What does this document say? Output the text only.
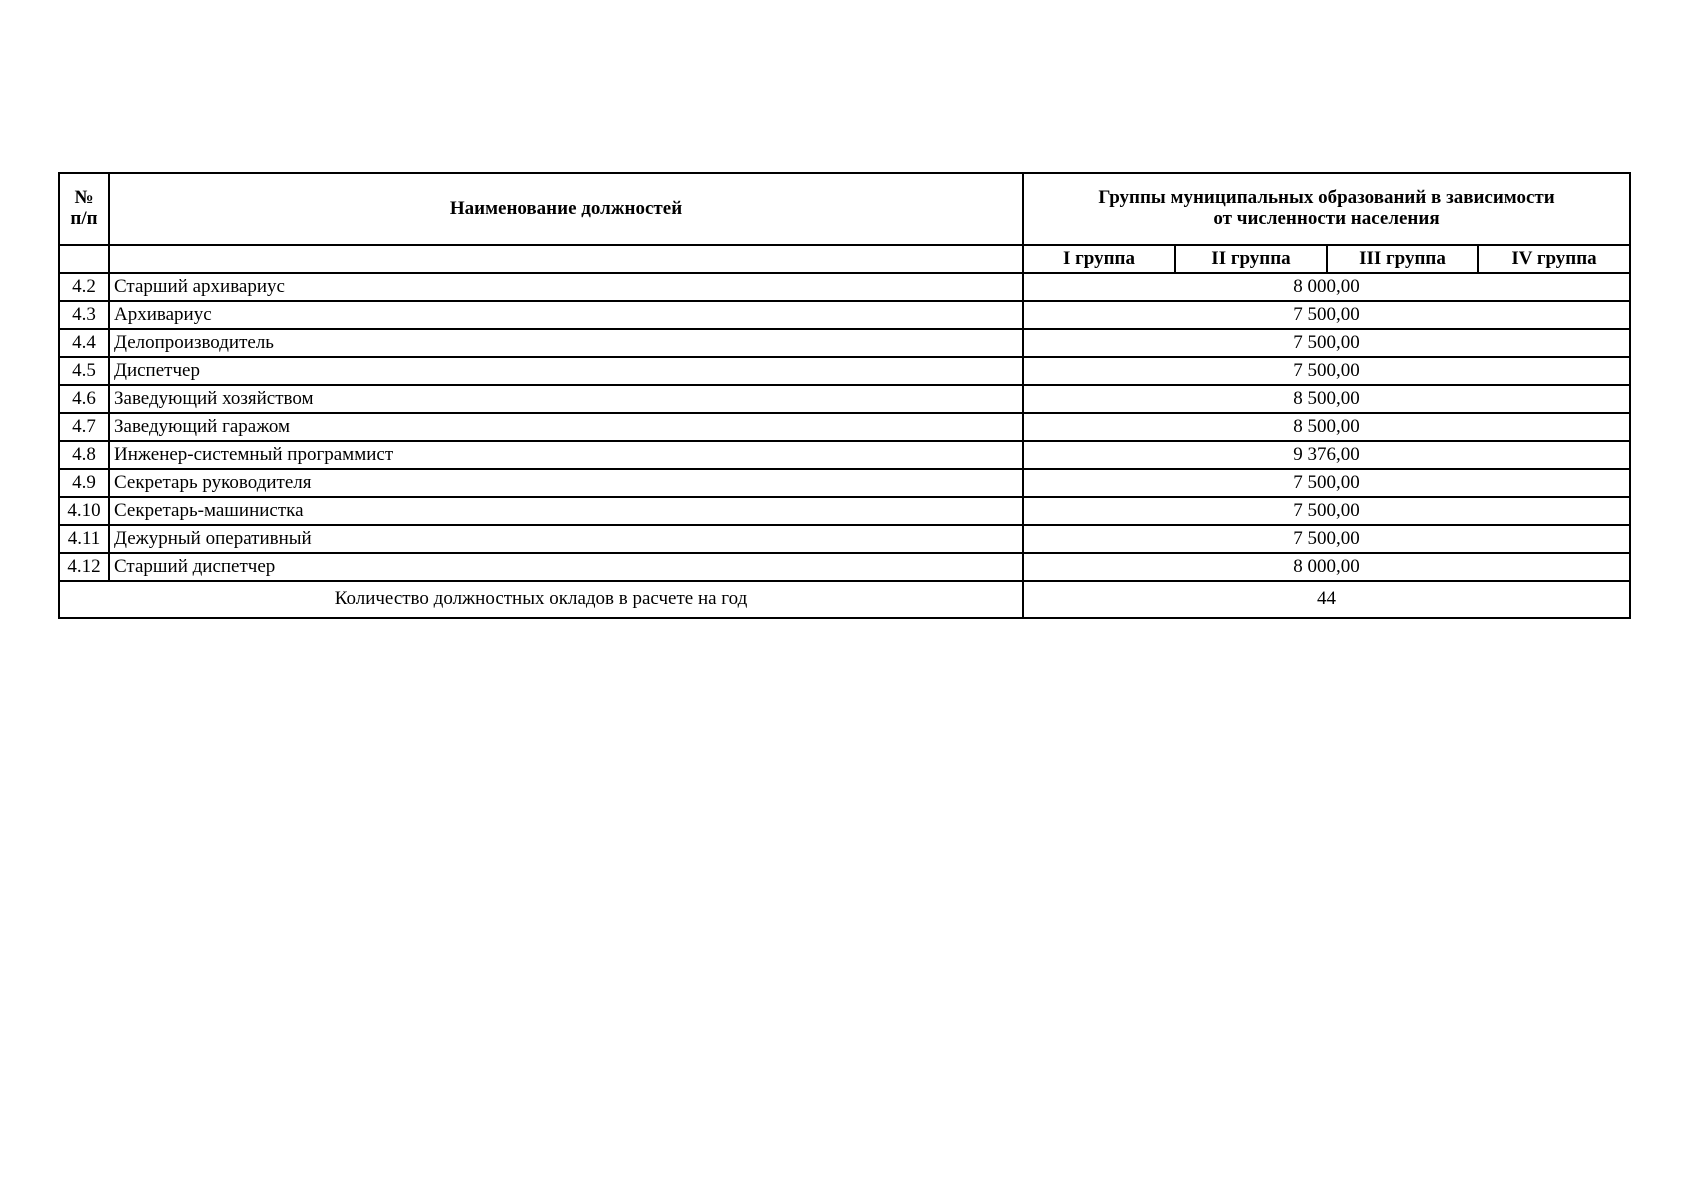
№
п/п	Наименование должностей	Группы муниципальных образований в зависимости
от численности населения			

		I группа	II группа	III группа	IV группа
4.2	Старший архивариус	8 000,00			
4.3	Архивариус	7 500,00			
4.4	Делопроизводитель	7 500,00			
4.5	Диспетчер	7 500,00			
4.6	Заведующий хозяйством	8 500,00			
4.7	Заведующий гаражом	8 500,00			
4.8	Инженер-системный программист	9 376,00			
4.9	Секретарь руководителя	7 500,00			
4.10	Секретарь-машинистка	7 500,00			
4.11	Дежурный оперативный	7 500,00			
4.12	Старший диспетчер	8 000,00			
Количество должностных окладов в расчете на год		44			
